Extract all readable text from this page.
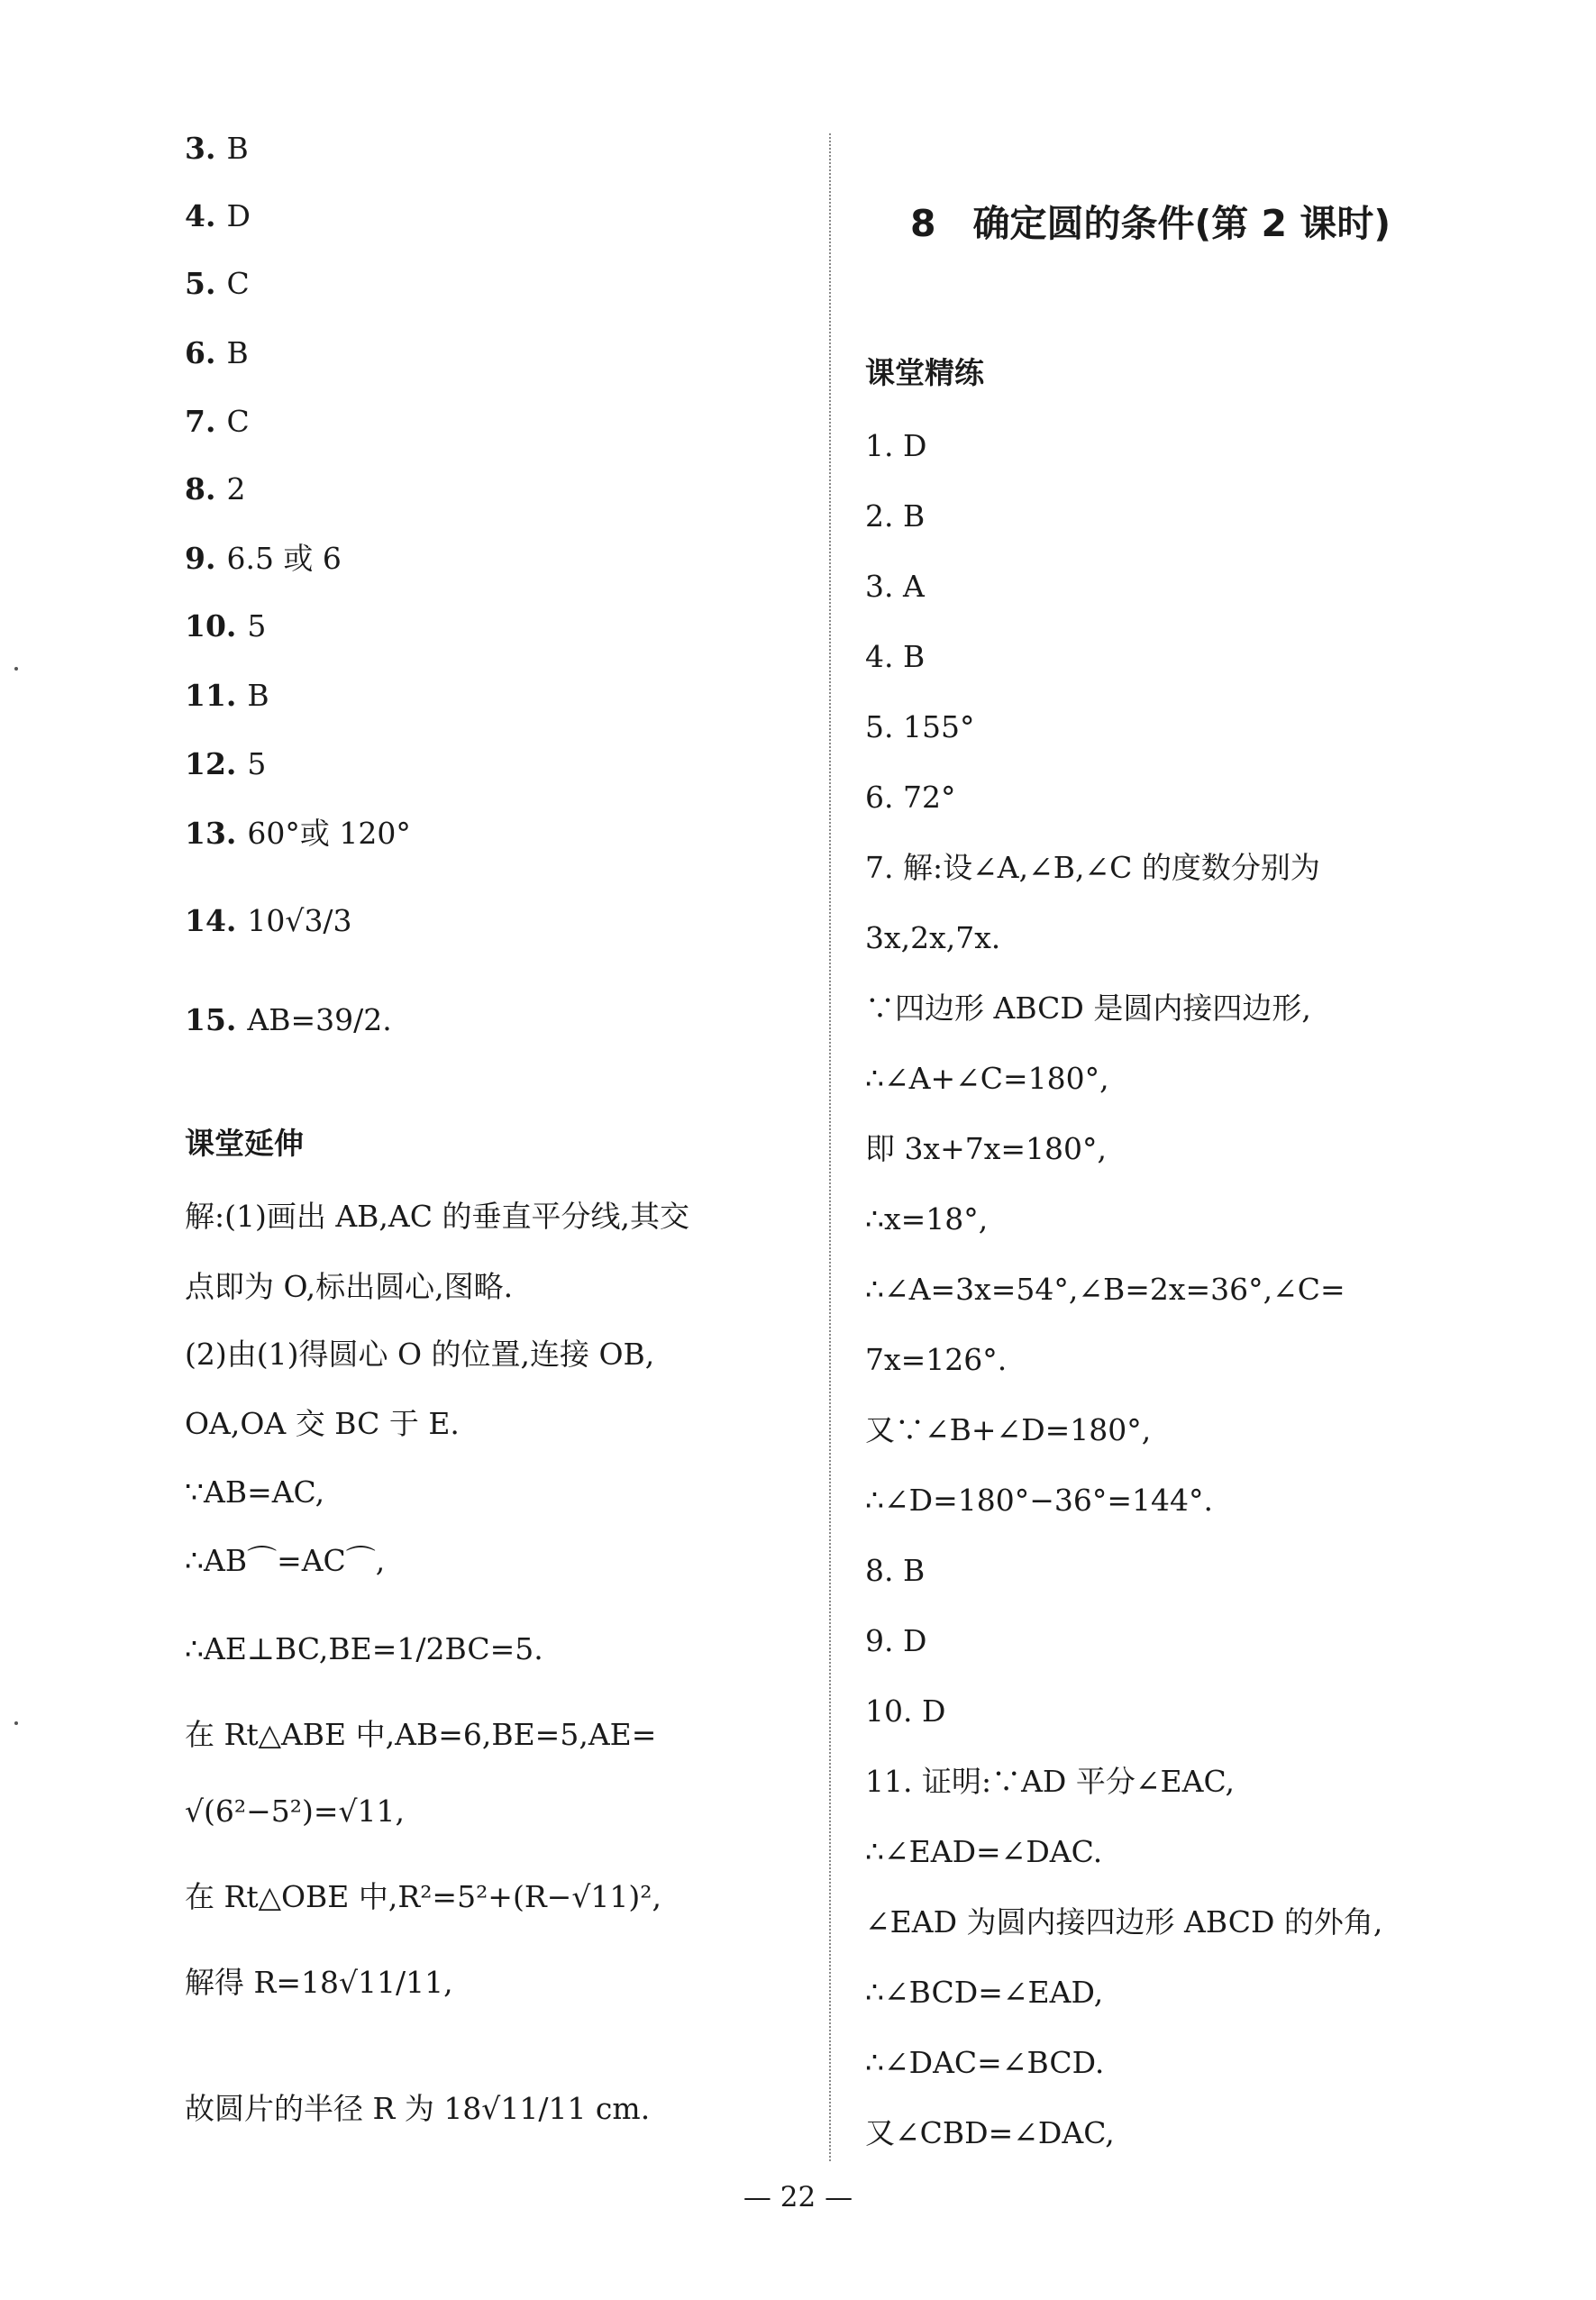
3. B
4. D
5. C
6. B
7. C
8. 2
9. 6.5 或 6
10. 5
11. B
12. 5
13. 60°或 120°
14. 10√3/3
15. AB=39/2.
课堂延伸
解:(1)画出 AB,AC 的垂直平分线,其交
点即为 O,标出圆心,图略.
(2)由(1)得圆心 O 的位置,连接 OB,
OA,OA 交 BC 于 E.
∵AB=AC,
∴AB⌒=AC⌒,
∴AE⊥BC,BE=1/2BC=5.
在 Rt△ABE 中,AB=6,BE=5,AE=
√(6²−5²)=√11,
在 Rt△OBE 中,R²=5²+(R−√11)²,
解得 R=18√11/11,
故圆片的半径 R 为 18√11/11 cm.
8　确定圆的条件(第 2 课时)
课堂精练
1. D
2. B
3. A
4. B
5. 155°
6. 72°
7. 解:设∠A,∠B,∠C 的度数分别为
3x,2x,7x.
∵四边形 ABCD 是圆内接四边形,
∴∠A+∠C=180°,
即 3x+7x=180°,
∴x=18°,
∴∠A=3x=54°,∠B=2x=36°,∠C=
7x=126°.
又∵∠B+∠D=180°,
∴∠D=180°−36°=144°.
8. B
9. D
10. D
11. 证明:∵AD 平分∠EAC,
∴∠EAD=∠DAC.
∠EAD 为圆内接四边形 ABCD 的外角,
∴∠BCD=∠EAD,
∴∠DAC=∠BCD.
又∠CBD=∠DAC,
— 22 —
